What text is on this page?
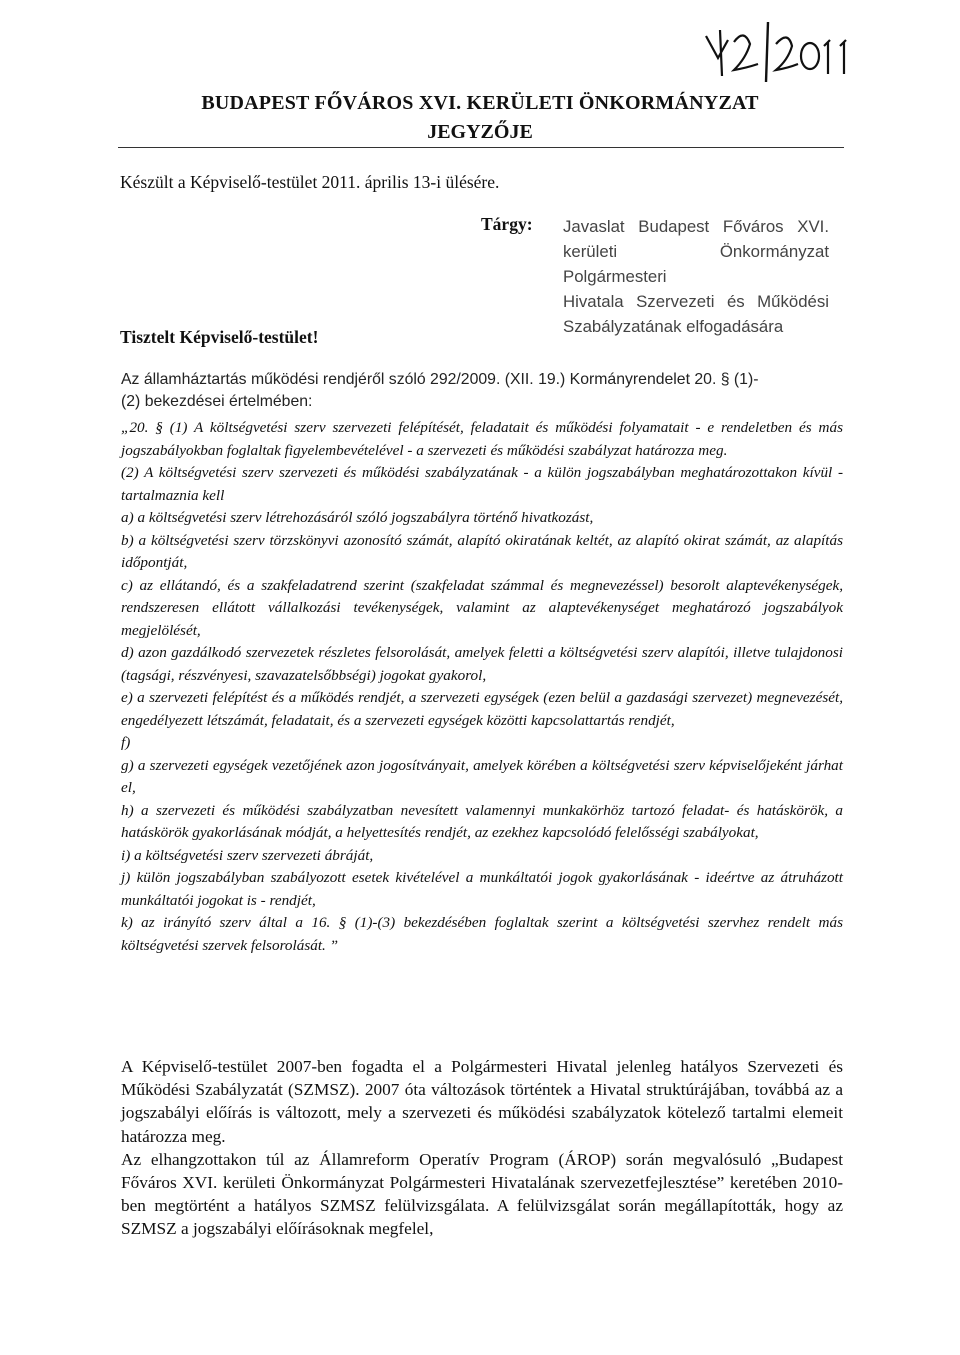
BUDAPEST FŐVÁROS XVI. KERÜLETI ÖNKORMÁNYZAT
JEGYZŐJE
Készült a Képviselő-testület 2011. április 13-i ülésére.
Tárgy: Javaslat Budapest Főváros XVI.
kerületi Önkormányzat Polgármesteri
Hivatala Szervezeti és Működési
Szabályzatának elfogadására
Tisztelt Képviselő-testület!
Az államháztartás működési rendjéről szóló 292/2009. (XII. 19.) Kormányrendelet 20. § (1)-
(2) bekezdései értelmében:

„20. § (1) A költségvetési szerv szervezeti felépítését, feladatait és működési folyamatait - e rendeletben és más jogszabályokban foglaltak figyelembevételével - a szervezeti és működési szabályzat határozza meg.

(2) A költségvetési szerv szervezeti és működési szabályzatának - a külön jogszabályban meghatározottakon kívül - tartalmaznia kell

a) a költségvetési szerv létrehozásáról szóló jogszabályra történő hivatkozást,

b) a költségvetési szerv törzskönyvi azonosító számát, alapító okiratának keltét, az alapító okirat számát, az alapítás időpontját,

c) az ellátandó, és a szakfeladatrend szerint (szakfeladat számmal és megnevezéssel) besorolt alaptevékenységek, rendszeresen ellátott vállalkozási tevékenységek, valamint az alaptevékenységet meghatározó jogszabályok megjelölését,

d) azon gazdálkodó szervezetek részletes felsorolását, amelyek feletti a költségvetési szerv alapítói, illetve tulajdonosi (tagsági, részvényesi, szavazatelsőbbségi) jogokat gyakorol,

e) a szervezeti felépítést és a működés rendjét, a szervezeti egységek (ezen belül a gazdasági szervezet) megnevezését, engedélyezett létszámát, feladatait, és a szervezeti egységek közötti kapcsolattartás rendjét,

f)

g) a szervezeti egységek vezetőjének azon jogosítványait, amelyek körében a költségvetési szerv képviselőjeként járhat el,

h) a szervezeti és működési szabályzatban nevesített valamennyi munkakörhöz tartozó feladat- és hatáskörök, a hatáskörök gyakorlásának módját, a helyettesítés rendjét, az ezekhez kapcsolódó felelősségi szabályokat,

i) a költségvetési szerv szervezeti ábráját,

j) külön jogszabályban szabályozott esetek kivételével a munkáltatói jogok gyakorlásának - ideértve az átruházott munkáltatói jogokat is - rendjét,

k) az irányító szerv által a 16. § (1)-(3) bekezdésében foglaltak szerint a költségvetési szervhez rendelt más költségvetési szervek felsorolását. ”

A Képviselő-testület 2007-ben fogadta el a Polgármesteri Hivatal jelenleg hatályos Szervezeti és Működési Szabályzatát (SZMSZ). 2007 óta változások történtek a Hivatal struktúrájában, továbbá az a jogszabályi előírás is változott, mely a szervezeti és működési szabályzatok kötelező tartalmi elemeit határozza meg.

Az elhangzottakon túl az Államreform Operatív Program (ÁROP) során megvalósuló „Budapest Főváros XVI. kerületi Önkormányzat Polgármesteri Hivatalának szervezetfejlesztése” keretében 2010-ben megtörtént a hatályos SZMSZ felülvizsgálata. A felülvizsgálat során megállapították, hogy az SZMSZ a jogszabályi előírásoknak megfelel,
